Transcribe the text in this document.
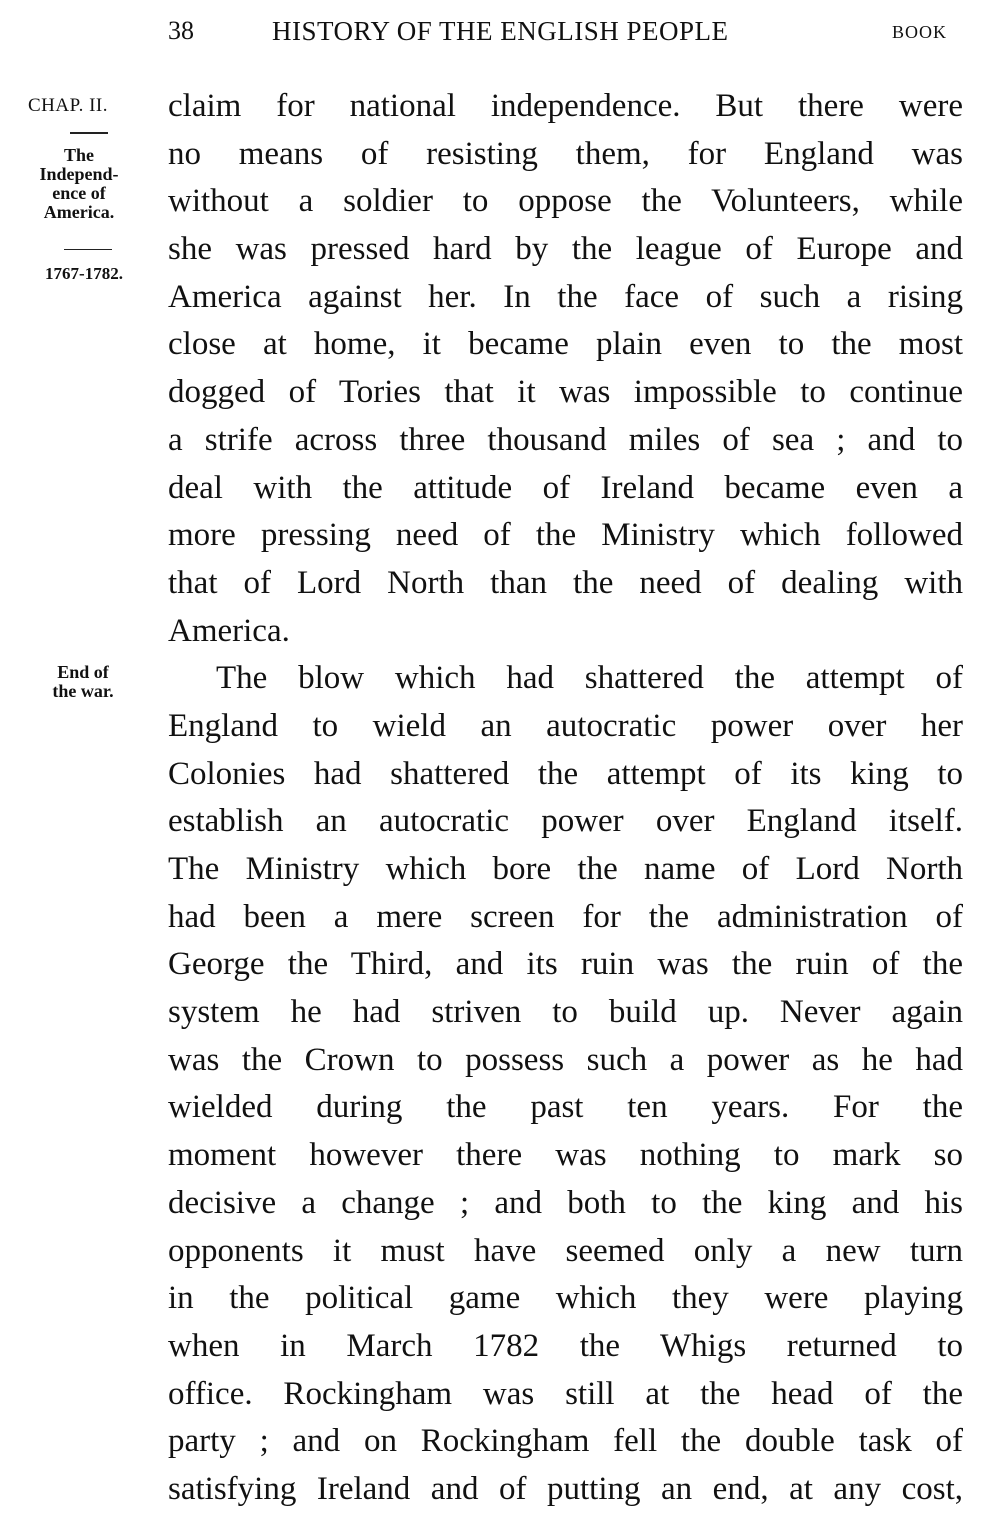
38	HISTORY OF THE ENGLISH PEOPLE	BOOK
CHAP. II.
The
Independ-
ence of
America.
1767-1782.
End of
the war.
claim for national independence. But there were
no means of resisting them, for England was
without a soldier to oppose the Volunteers, while
she was pressed hard by the league of Europe and
America against her. In the face of such a rising
close at home, it became plain even to the most
dogged of Tories that it was impossible to continue
a strife across three thousand miles of sea ; and to
deal with the attitude of Ireland became even a
more pressing need of the Ministry which followed
that of Lord North than the need of dealing with
America.
The blow which had shattered the attempt of
England to wield an autocratic power over her
Colonies had shattered the attempt of its king to
establish an autocratic power over England itself.
The Ministry which bore the name of Lord North
had been a mere screen for the administration of
George the Third, and its ruin was the ruin of the
system he had striven to build up. Never again
was the Crown to possess such a power as he had
wielded during the past ten years. For the
moment however there was nothing to mark so
decisive a change ; and both to the king and his
opponents it must have seemed only a new turn
in the political game which they were playing
when in March 1782 the Whigs returned to
office. Rockingham was still at the head of the
party ; and on Rockingham fell the double task of
satisfying Ireland and of putting an end, at any cost,
